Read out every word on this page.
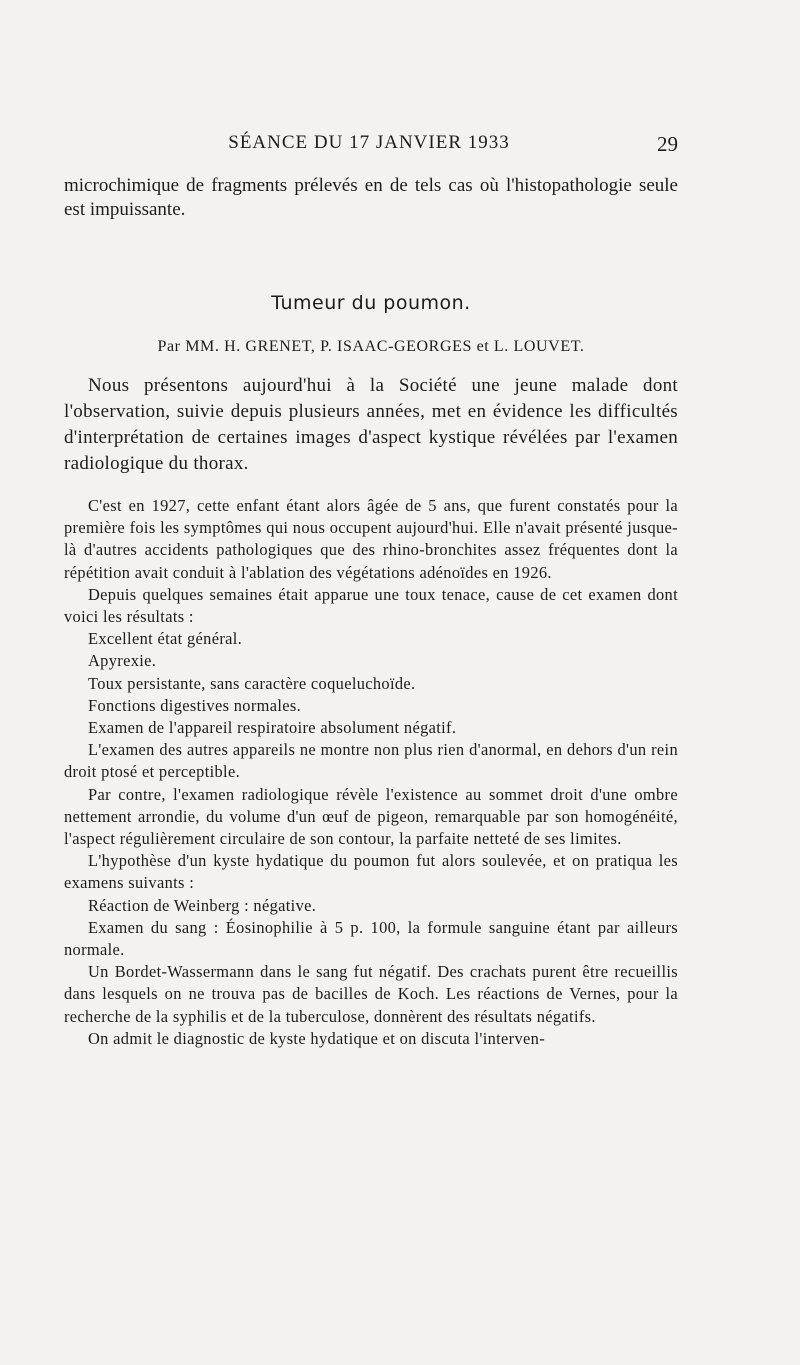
SÉANCE DU 17 JANVIER 1933	29

microchimique de fragments prélevés en de tels cas où l'histopathologie seule est impuissante.

Tumeur du poumon.
Par MM. H. GRENET, P. ISAAC-GEORGES et L. LOUVET.

Nous présentons aujourd'hui à la Société une jeune malade dont l'observation, suivie depuis plusieurs années, met en évidence les difficultés d'interprétation de certaines images d'aspect kystique révélées par l'examen radiologique du thorax.

C'est en 1927, cette enfant étant alors âgée de 5 ans, que furent constatés pour la première fois les symptômes qui nous occupent aujourd'hui. Elle n'avait présenté jusque-là d'autres accidents pathologiques que des rhino-bronchites assez fréquentes dont la répétition avait conduit à l'ablation des végétations adénoïdes en 1926.

Depuis quelques semaines était apparue une toux tenace, cause de cet examen dont voici les résultats :

Excellent état général.

Apyrexie.

Toux persistante, sans caractère coqueluchoïde.

Fonctions digestives normales.

Examen de l'appareil respiratoire absolument négatif.

L'examen des autres appareils ne montre non plus rien d'anormal, en dehors d'un rein droit ptosé et perceptible.

Par contre, l'examen radiologique révèle l'existence au sommet droit d'une ombre nettement arrondie, du volume d'un œuf de pigeon, remarquable par son homogénéité, l'aspect régulièrement circulaire de son contour, la parfaite netteté de ses limites.

L'hypothèse d'un kyste hydatique du poumon fut alors soulevée, et on pratiqua les examens suivants :

Réaction de Weinberg : négative.

Examen du sang : Éosinophilie à 5 p. 100, la formule sanguine étant par ailleurs normale.

Un Bordet-Wassermann dans le sang fut négatif. Des crachats purent être recueillis dans lesquels on ne trouva pas de bacilles de Koch. Les réactions de Vernes, pour la recherche de la syphilis et de la tuberculose, donnèrent des résultats négatifs.

On admit le diagnostic de kyste hydatique et on discuta l'interven-
